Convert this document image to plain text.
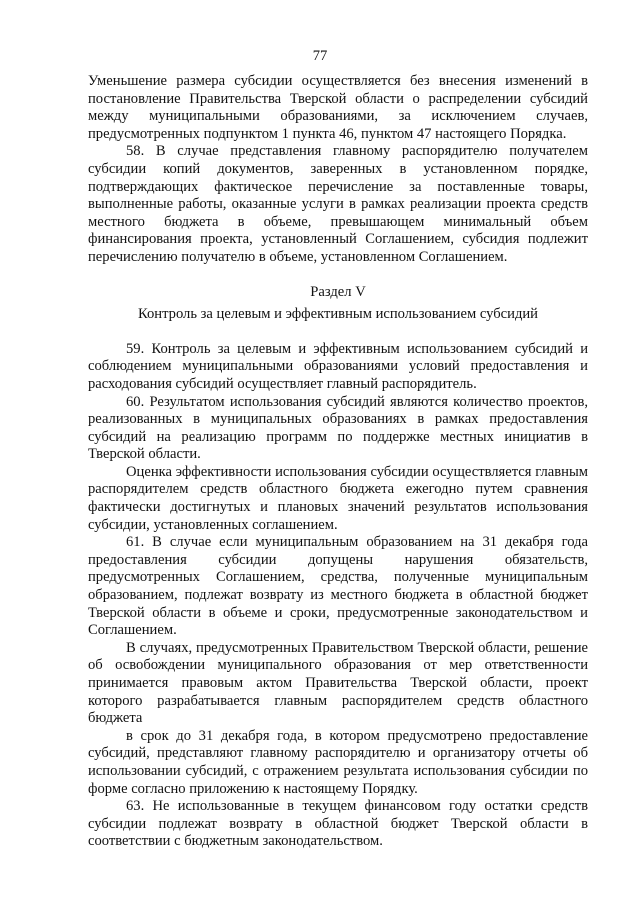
77

Уменьшение размера субсидии осуществляется без внесения изменений в постановление Правительства Тверской области о распределении субсидий между муниципальными образованиями, за исключением случаев, предусмотренных подпунктом 1 пункта 46, пунктом 47 настоящего Порядка.

58. В случае представления главному распорядителю получателем субсидии копий документов, заверенных в установленном порядке, подтверждающих фактическое перечисление за поставленные товары, выполненные работы, оказанные услуги в рамках реализации проекта средств местного бюджета в объеме, превышающем минимальный объем финансирования проекта, установленный Соглашением, субсидия подлежит перечислению получателю в объеме, установленном Соглашением.

Раздел V

Контроль за целевым и эффективным использованием субсидий

59. Контроль за целевым и эффективным использованием субсидий и соблюдением муниципальными образованиями условий предоставления и расходования субсидий осуществляет главный распорядитель.

60. Результатом использования субсидий являются количество проектов, реализованных в муниципальных образованиях в рамках предоставления субсидий на реализацию программ по поддержке местных инициатив в Тверской области.

Оценка эффективности использования субсидии осуществляется главным распорядителем средств областного бюджета ежегодно путем сравнения фактически достигнутых и плановых значений результатов использования субсидии, установленных соглашением.

61. В случае если муниципальным образованием на 31 декабря года предоставления субсидии допущены нарушения обязательств, предусмотренных Соглашением, средства, полученные муниципальным образованием, подлежат возврату из местного бюджета в областной бюджет Тверской области в объеме и сроки, предусмотренные законодательством и Соглашением.

В случаях, предусмотренных Правительством Тверской области, решение об освобождении муниципального образования от мер ответственности принимается правовым актом Правительства Тверской области, проект которого разрабатывается главным распорядителем средств областного бюджета

в срок до 31 декабря года, в котором предусмотрено предоставление субсидий, представляют главному распорядителю и организатору отчеты об использовании субсидий, с отражением результата использования субсидии по форме согласно приложению к настоящему Порядку.

63. Не использованные в текущем финансовом году остатки средств субсидии подлежат возврату в областной бюджет Тверской области в соответствии с бюджетным законодательством.
